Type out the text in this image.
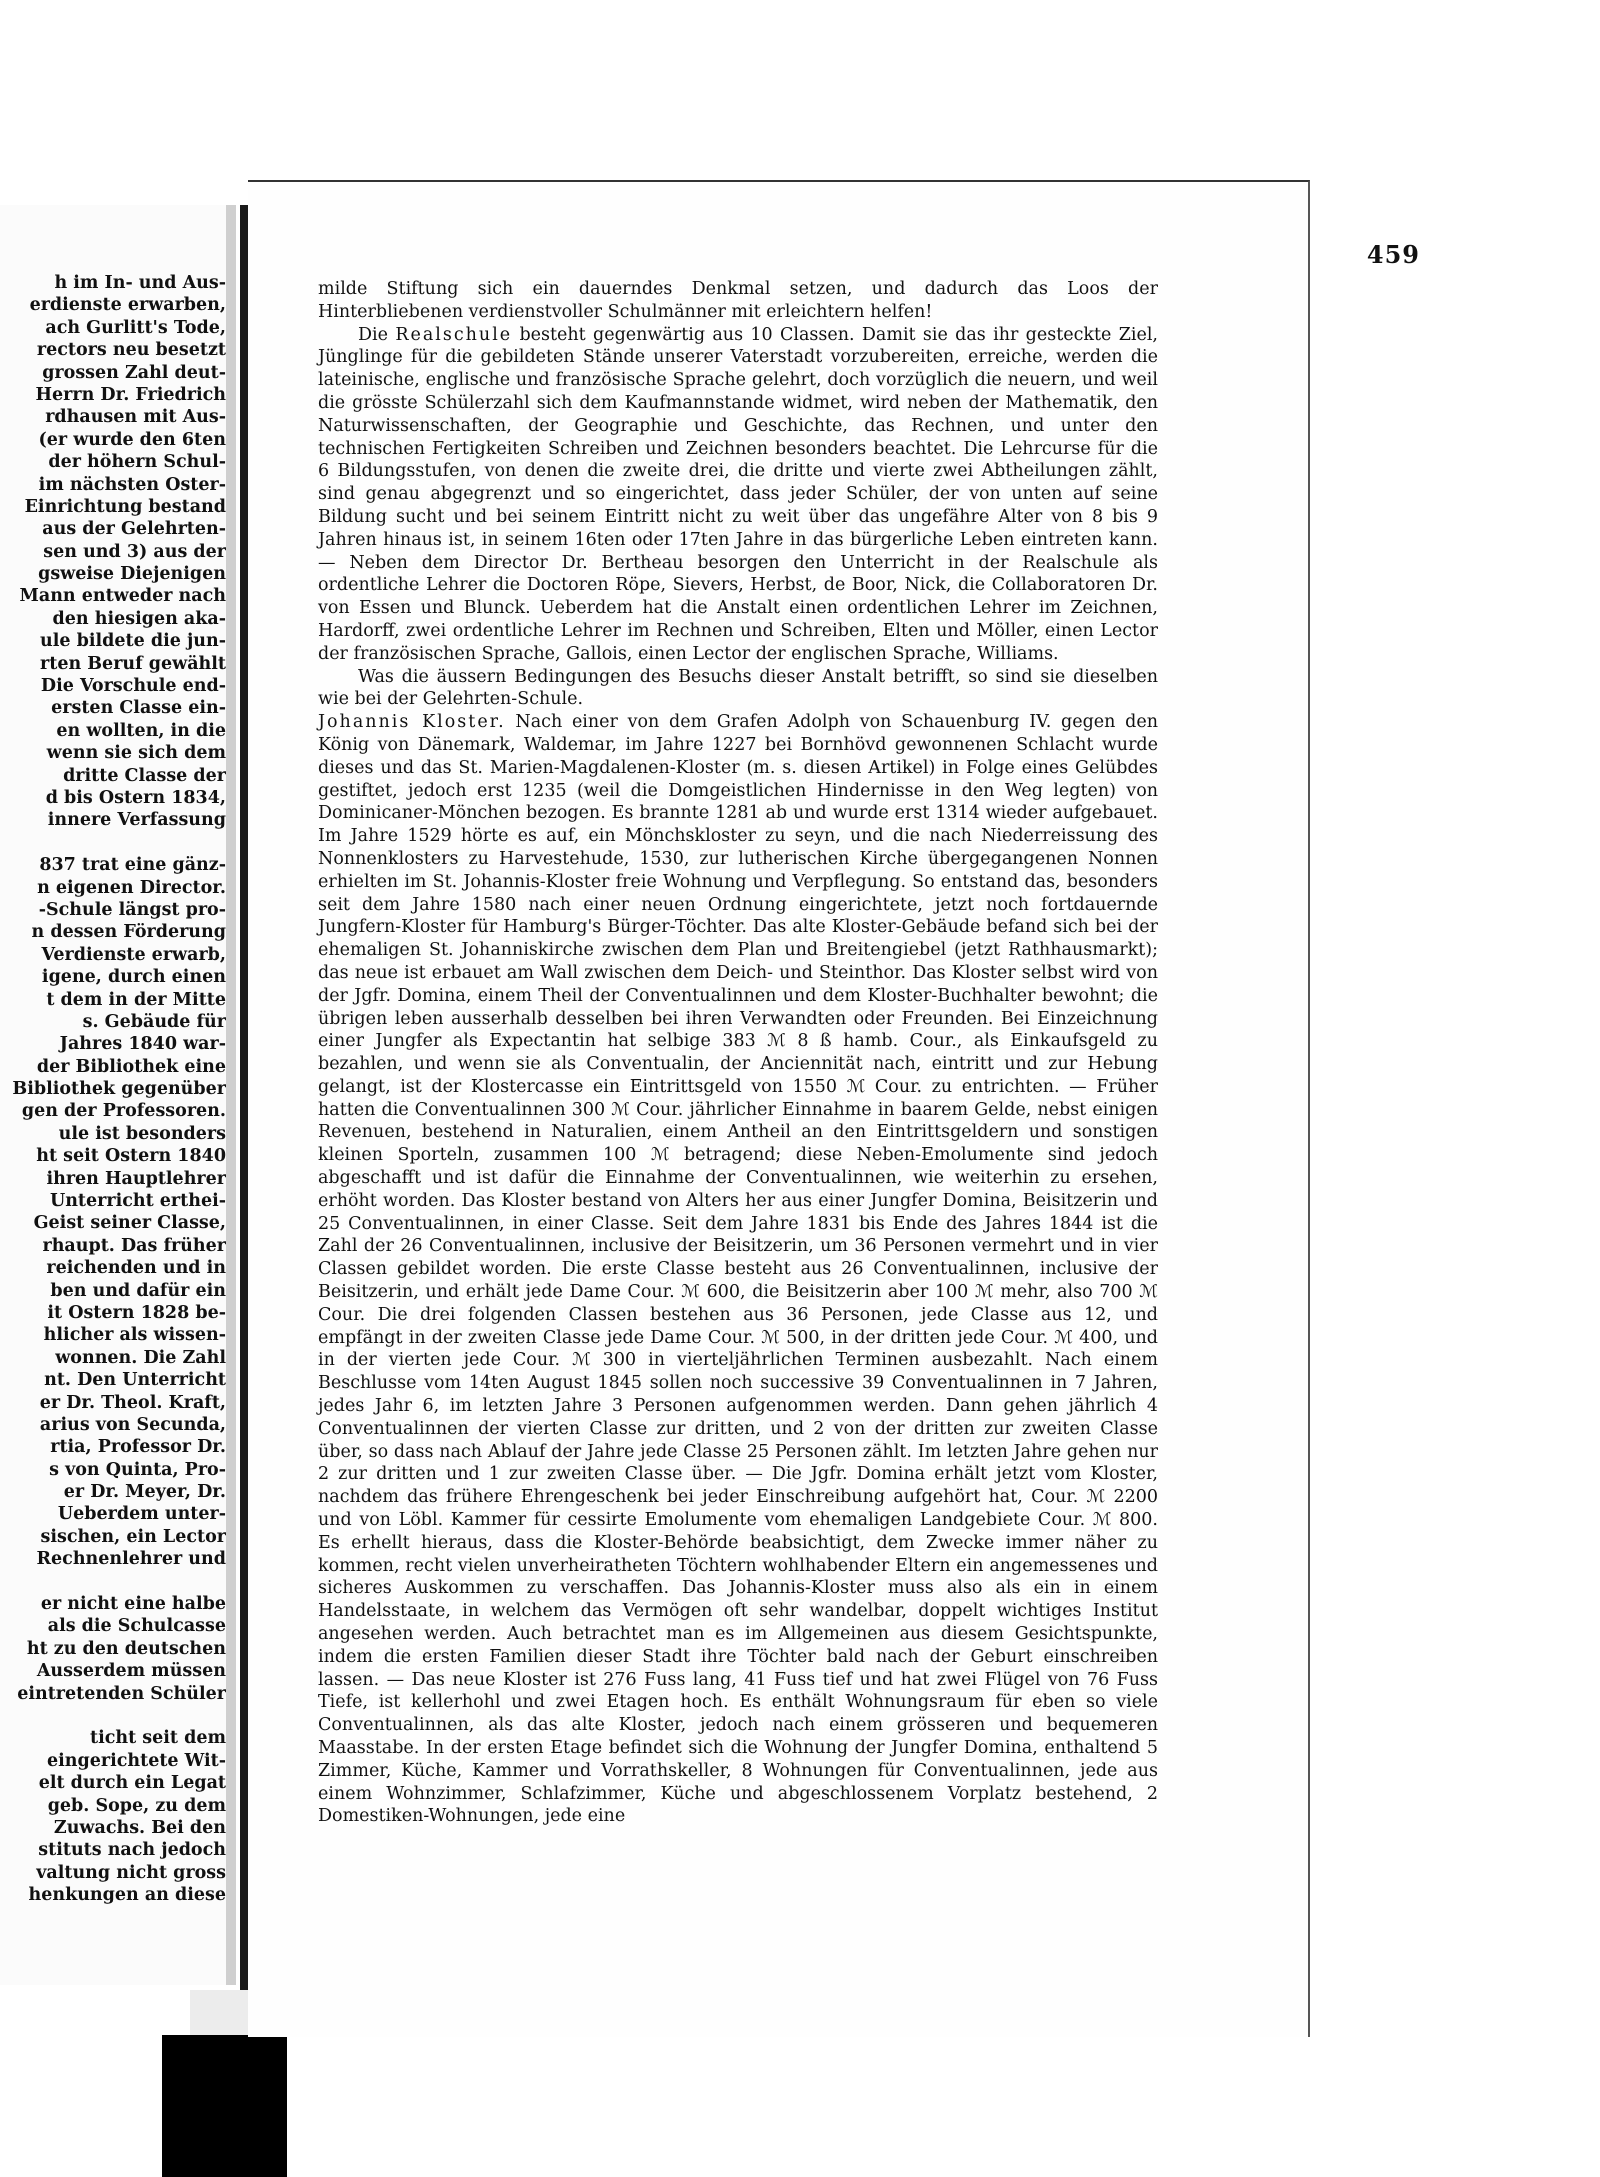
h im In- und Aus-
erdienste erwarben,
ach Gurlitt's Tode,
rectors neu besetzt
grossen Zahl deut-
Herrn Dr. Friedrich
rdhausen mit Aus-
(er wurde den 6ten
der höhern Schul-
im nächsten Oster-
Einrichtung bestand
aus der Gelehrten-
sen und 3) aus der
gsweise Diejenigen
Mann entweder nach
den hiesigen aka-
ule bildete die jun-
rten Beruf gewählt
Die Vorschule end-
ersten Classe ein-
en wollten, in die
wenn sie sich dem
dritte Classe der
d bis Ostern 1834,
innere Verfassung
837 trat eine gänz-
n eigenen Director.
-Schule längst pro-
n dessen Förderung
Verdienste erwarb,
igene, durch einen
t dem in der Mitte
s. Gebäude für
Jahres 1840 war-
der Bibliothek eine
Bibliothek gegenüber
gen der Professoren.
ule ist besonders
ht seit Ostern 1840
ihren Hauptlehrer
Unterricht erthei-
Geist seiner Classe,
rhaupt. Das früher
reichenden und in
ben und dafür ein
it Ostern 1828 be-
hlicher als wissen-
wonnen. Die Zahl
nt. Den Unterricht
er Dr. Theol. Kraft,
arius von Secunda,
rtia, Professor Dr.
s von Quinta, Pro-
er Dr. Meyer, Dr.
Ueberdem unter-
sischen, ein Lector
Rechnenlehrer und
er nicht eine halbe
als die Schulcasse
ht zu den deutschen
Ausserdem müssen
eintretenden Schüler
ticht seit dem
eingerichtete Wit-
elt durch ein Legat
geb. Sope, zu dem
Zuwachs. Bei den
stituts nach jedoch
valtung nicht gross
henkungen an diese
459

milde Stiftung sich ein dauerndes Denkmal setzen, und dadurch das Loos der Hinterbliebenen verdienstvoller Schulmänner mit erleichtern helfen!

Die Realschule besteht gegenwärtig aus 10 Classen. Damit sie das ihr gesteckte Ziel, Jünglinge für die gebildeten Stände unserer Vaterstadt vorzubereiten, erreiche, werden die lateinische, englische und französische Sprache gelehrt, doch vorzüglich die neuern, und weil die grösste Schülerzahl sich dem Kaufmannstande widmet, wird neben der Mathematik, den Naturwissenschaften, der Geographie und Geschichte, das Rechnen, und unter den technischen Fertigkeiten Schreiben und Zeichnen besonders beachtet. Die Lehrcurse für die 6 Bildungsstufen, von denen die zweite drei, die dritte und vierte zwei Abtheilungen zählt, sind genau abgegrenzt und so eingerichtet, dass jeder Schüler, der von unten auf seine Bildung sucht und bei seinem Eintritt nicht zu weit über das ungefähre Alter von 8 bis 9 Jahren hinaus ist, in seinem 16ten oder 17ten Jahre in das bürgerliche Leben eintreten kann. — Neben dem Director Dr. Bertheau besorgen den Unterricht in der Realschule als ordentliche Lehrer die Doctoren Röpe, Sievers, Herbst, de Boor, Nick, die Collaboratoren Dr. von Essen und Blunck. Ueberdem hat die Anstalt einen ordentlichen Lehrer im Zeichnen, Hardorff, zwei ordentliche Lehrer im Rechnen und Schreiben, Elten und Möller, einen Lector der französischen Sprache, Gallois, einen Lector der englischen Sprache, Williams.

Was die äussern Bedingungen des Besuchs dieser Anstalt betrifft, so sind sie dieselben wie bei der Gelehrten-Schule.

Johannis Kloster. Nach einer von dem Grafen Adolph von Schauenburg IV. gegen den König von Dänemark, Waldemar, im Jahre 1227 bei Bornhövd gewonnenen Schlacht wurde dieses und das St. Marien-Magdalenen-Kloster (m. s. diesen Artikel) in Folge eines Gelübdes gestiftet, jedoch erst 1235 (weil die Domgeistlichen Hindernisse in den Weg legten) von Dominicaner-Mönchen bezogen. Es brannte 1281 ab und wurde erst 1314 wieder aufgebauet. Im Jahre 1529 hörte es auf, ein Mönchskloster zu seyn, und die nach Niederreissung des Nonnenklosters zu Harvestehude, 1530, zur lutherischen Kirche übergegangenen Nonnen erhielten im St. Johannis-Kloster freie Wohnung und Verpflegung. So entstand das, besonders seit dem Jahre 1580 nach einer neuen Ordnung eingerichtete, jetzt noch fortdauernde Jungfern-Kloster für Hamburg's Bürger-Töchter. Das alte Kloster-Gebäude befand sich bei der ehemaligen St. Johanniskirche zwischen dem Plan und Breitengiebel (jetzt Rathhausmarkt); das neue ist erbauet am Wall zwischen dem Deich- und Steinthor. Das Kloster selbst wird von der Jgfr. Domina, einem Theil der Conventualinnen und dem Kloster-Buchhalter bewohnt; die übrigen leben ausserhalb desselben bei ihren Verwandten oder Freunden. Bei Einzeichnung einer Jungfer als Expectantin hat selbige 383 ℳ 8 ß hamb. Cour., als Einkaufsgeld zu bezahlen, und wenn sie als Conventualin, der Anciennität nach, eintritt und zur Hebung gelangt, ist der Klostercasse ein Eintrittsgeld von 1550 ℳ Cour. zu entrichten. — Früher hatten die Conventualinnen 300 ℳ Cour. jährlicher Einnahme in baarem Gelde, nebst einigen Revenuen, bestehend in Naturalien, einem Antheil an den Eintrittsgeldern und sonstigen kleinen Sporteln, zusammen 100 ℳ betragend; diese Neben-Emolumente sind jedoch abgeschafft und ist dafür die Einnahme der Conventualinnen, wie weiterhin zu ersehen, erhöht worden. Das Kloster bestand von Alters her aus einer Jungfer Domina, Beisitzerin und 25 Conventualinnen, in einer Classe. Seit dem Jahre 1831 bis Ende des Jahres 1844 ist die Zahl der 26 Conventualinnen, inclusive der Beisitzerin, um 36 Personen vermehrt und in vier Classen gebildet worden. Die erste Classe besteht aus 26 Conventualinnen, inclusive der Beisitzerin, und erhält jede Dame Cour. ℳ 600, die Beisitzerin aber 100 ℳ mehr, also 700 ℳ Cour. Die drei folgenden Classen bestehen aus 36 Personen, jede Classe aus 12, und empfängt in der zweiten Classe jede Dame Cour. ℳ 500, in der dritten jede Cour. ℳ 400, und in der vierten jede Cour. ℳ 300 in vierteljährlichen Terminen ausbezahlt. Nach einem Beschlusse vom 14ten August 1845 sollen noch successive 39 Conventualinnen in 7 Jahren, jedes Jahr 6, im letzten Jahre 3 Personen aufgenommen werden. Dann gehen jährlich 4 Conventualinnen der vierten Classe zur dritten, und 2 von der dritten zur zweiten Classe über, so dass nach Ablauf der Jahre jede Classe 25 Personen zählt. Im letzten Jahre gehen nur 2 zur dritten und 1 zur zweiten Classe über. — Die Jgfr. Domina erhält jetzt vom Kloster, nachdem das frühere Ehrengeschenk bei jeder Einschreibung aufgehört hat, Cour. ℳ 2200 und von Löbl. Kammer für cessirte Emolumente vom ehemaligen Landgebiete Cour. ℳ 800. Es erhellt hieraus, dass die Kloster-Behörde beabsichtigt, dem Zwecke immer näher zu kommen, recht vielen unverheiratheten Töchtern wohlhabender Eltern ein angemessenes und sicheres Auskommen zu verschaffen. Das Johannis-Kloster muss also als ein in einem Handelsstaate, in welchem das Vermögen oft sehr wandelbar, doppelt wichtiges Institut angesehen werden. Auch betrachtet man es im Allgemeinen aus diesem Gesichtspunkte, indem die ersten Familien dieser Stadt ihre Töchter bald nach der Geburt einschreiben lassen. — Das neue Kloster ist 276 Fuss lang, 41 Fuss tief und hat zwei Flügel von 76 Fuss Tiefe, ist kellerhohl und zwei Etagen hoch. Es enthält Wohnungsraum für eben so viele Conventualinnen, als das alte Kloster, jedoch nach einem grösseren und bequemeren Maasstabe. In der ersten Etage befindet sich die Wohnung der Jungfer Domina, enthaltend 5 Zimmer, Küche, Kammer und Vorrathskeller, 8 Wohnungen für Conventualinnen, jede aus einem Wohnzimmer, Schlafzimmer, Küche und abgeschlossenem Vorplatz bestehend, 2 Domestiken-Wohnungen, jede eine
